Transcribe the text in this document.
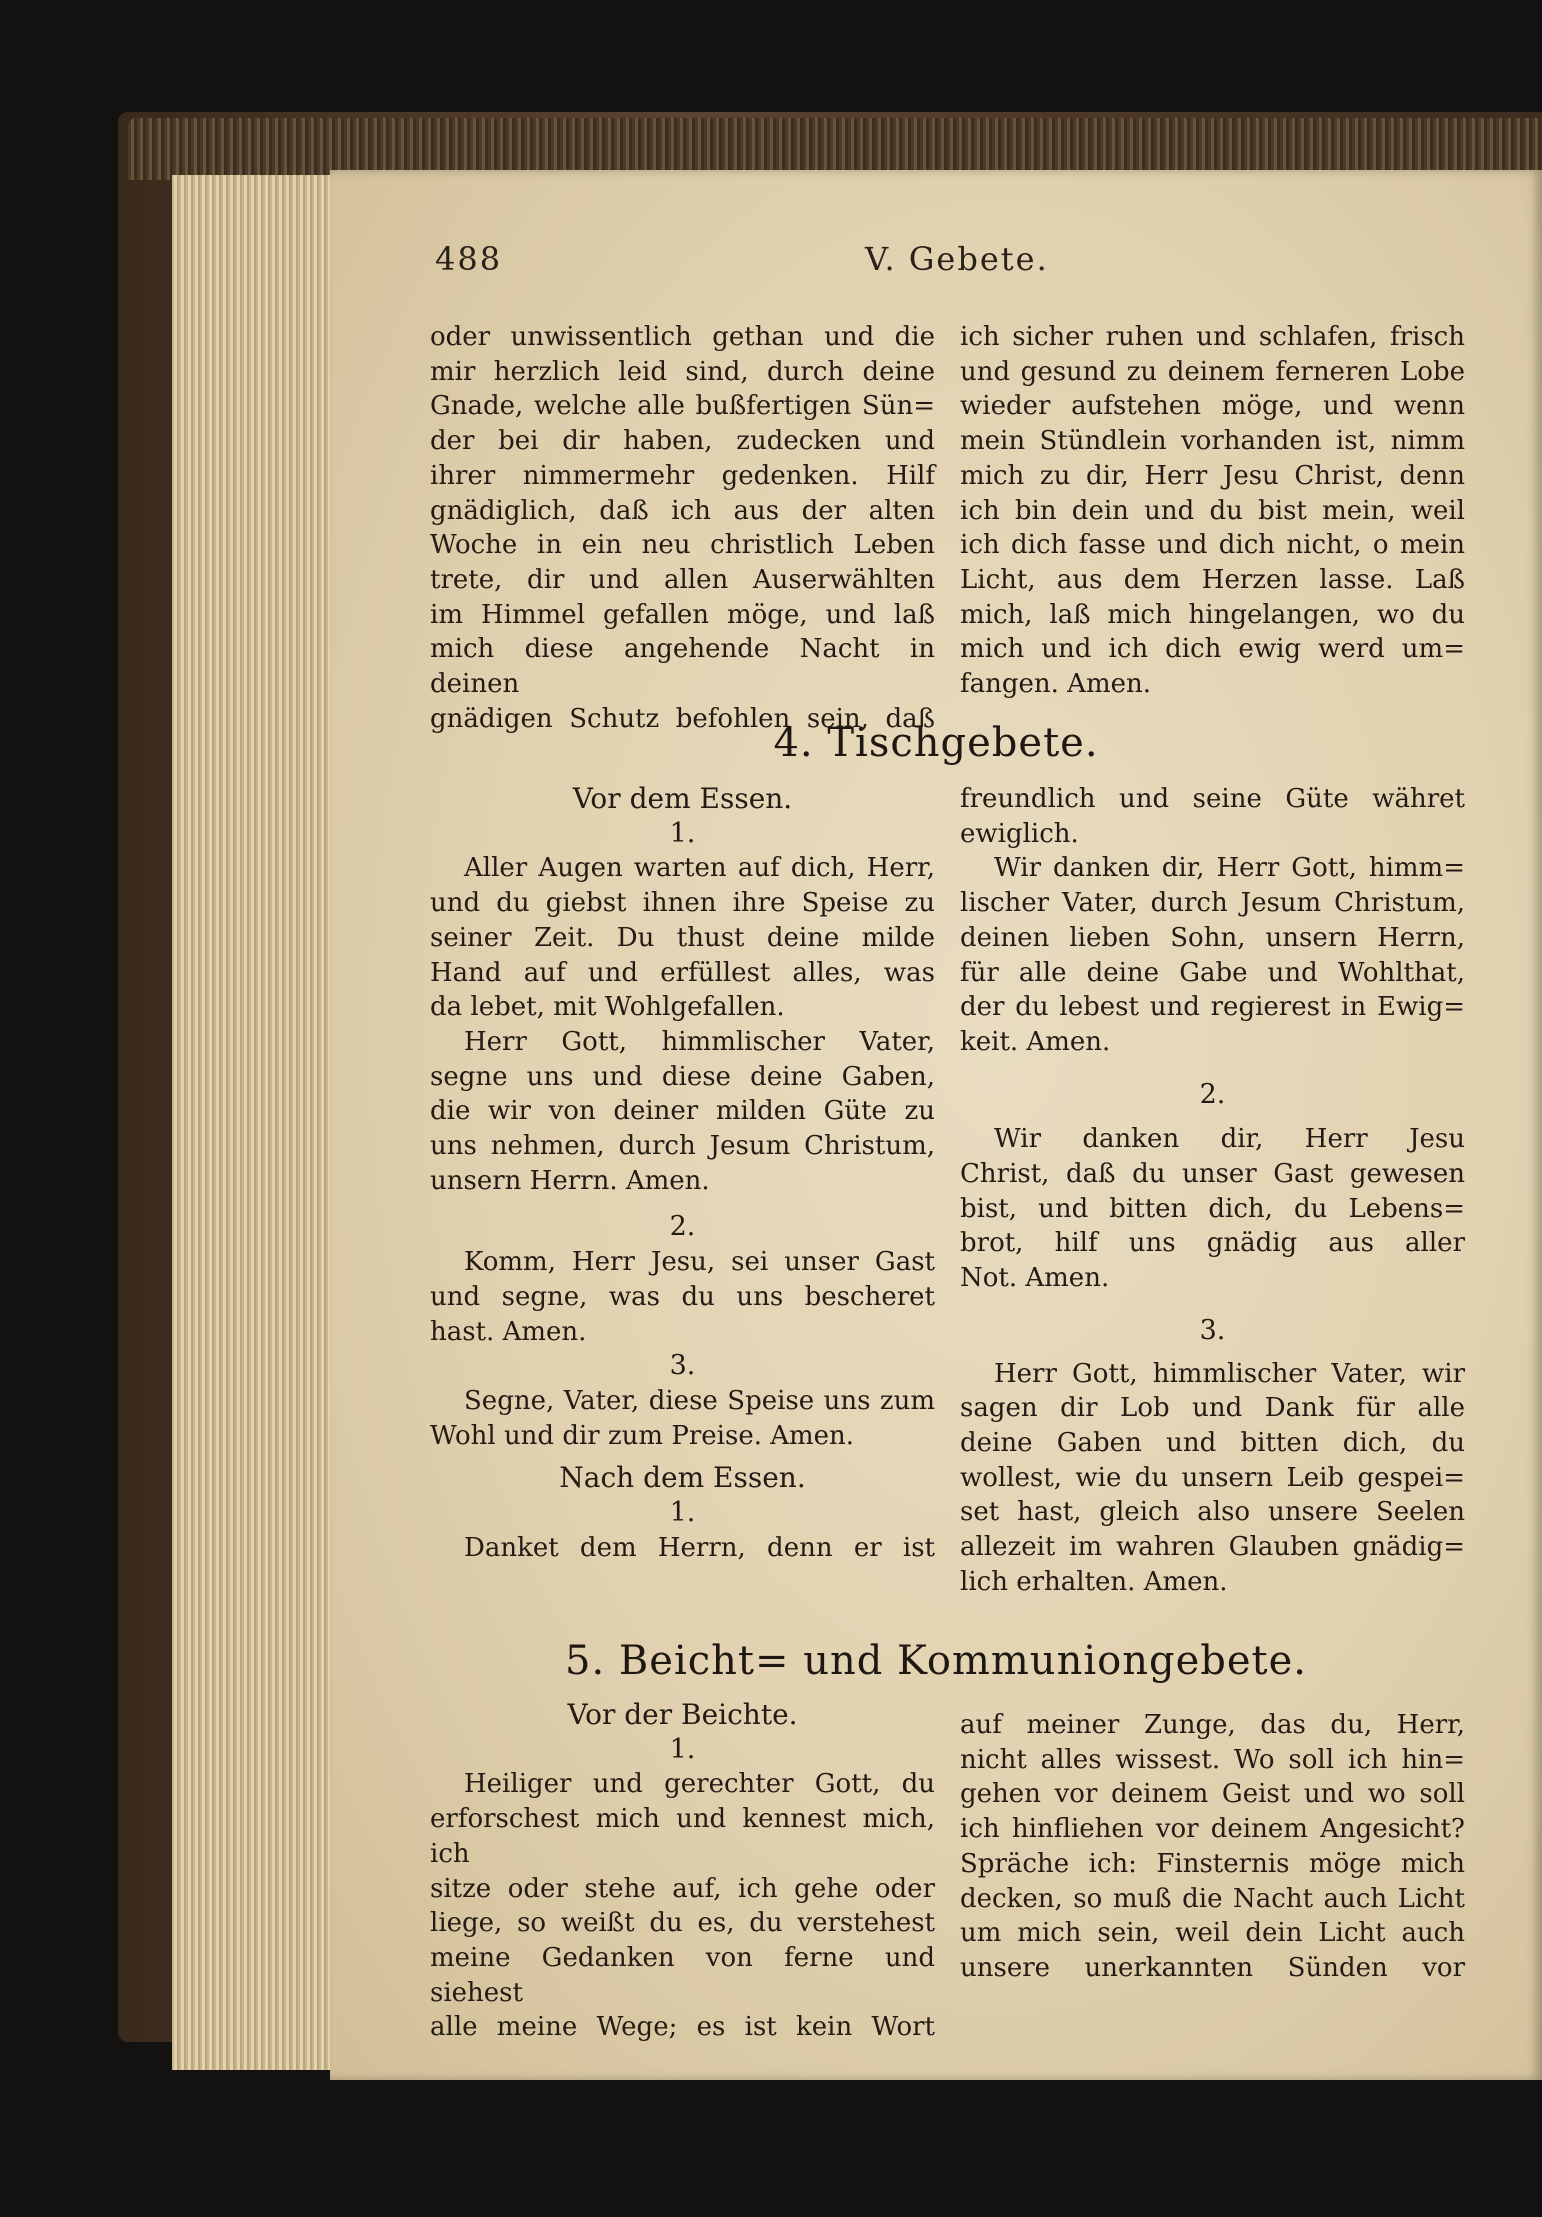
488	V. Gebete.
oder unwissentlich gethan und die
mir herzlich leid sind, durch deine
Gnade, welche alle bußfertigen Sün=
der bei dir haben, zudecken und
ihrer nimmermehr gedenken. Hilf
gnädiglich, daß ich aus der alten
Woche in ein neu christlich Leben
trete, dir und allen Auserwählten
im Himmel gefallen möge, und laß
mich diese angehende Nacht in deinen
gnädigen Schutz befohlen sein, daß
ich sicher ruhen und schlafen, frisch
und gesund zu deinem ferneren Lobe
wieder aufstehen möge, und wenn
mein Stündlein vorhanden ist, nimm
mich zu dir, Herr Jesu Christ, denn
ich bin dein und du bist mein, weil
ich dich fasse und dich nicht, o mein
Licht, aus dem Herzen lasse. Laß
mich, laß mich hingelangen, wo du
mich und ich dich ewig werd um=
fangen. Amen.
4. Tischgebete.

Vor dem Essen.

1.

Aller Augen warten auf dich, Herr,
und du giebst ihnen ihre Speise zu
seiner Zeit. Du thust deine milde
Hand auf und erfüllest alles, was
da lebet, mit Wohlgefallen.
Herr Gott, himmlischer Vater,
segne uns und diese deine Gaben,
die wir von deiner milden Güte zu
uns nehmen, durch Jesum Christum,
unsern Herrn. Amen.

2.

Komm, Herr Jesu, sei unser Gast
und segne, was du uns bescheret
hast. Amen.

3.

Segne, Vater, diese Speise uns zum
Wohl und dir zum Preise. Amen.

Nach dem Essen.

1.

Danket dem Herrn, denn er ist
freundlich und seine Güte währet
ewiglich.
Wir danken dir, Herr Gott, himm=
lischer Vater, durch Jesum Christum,
deinen lieben Sohn, unsern Herrn,
für alle deine Gabe und Wohlthat,
der du lebest und regierest in Ewig=
keit. Amen.

2.

Wir danken dir, Herr Jesu
Christ, daß du unser Gast gewesen
bist, und bitten dich, du Lebens=
brot, hilf uns gnädig aus aller
Not. Amen.

3.

Herr Gott, himmlischer Vater, wir
sagen dir Lob und Dank für alle
deine Gaben und bitten dich, du
wollest, wie du unsern Leib gespei=
set hast, gleich also unsere Seelen
allezeit im wahren Glauben gnädig=
lich erhalten. Amen.
5. Beicht= und Kommuniongebete.

Vor der Beichte.

1.

Heiliger und gerechter Gott, du
erforschest mich und kennest mich, ich
sitze oder stehe auf, ich gehe oder
liege, so weißt du es, du verstehest
meine Gedanken von ferne und siehest
alle meine Wege; es ist kein Wort
auf meiner Zunge, das du, Herr,
nicht alles wissest. Wo soll ich hin=
gehen vor deinem Geist und wo soll
ich hinfliehen vor deinem Angesicht?
Spräche ich: Finsternis möge mich
decken, so muß die Nacht auch Licht
um mich sein, weil dein Licht auch
unsere unerkannten Sünden vor
